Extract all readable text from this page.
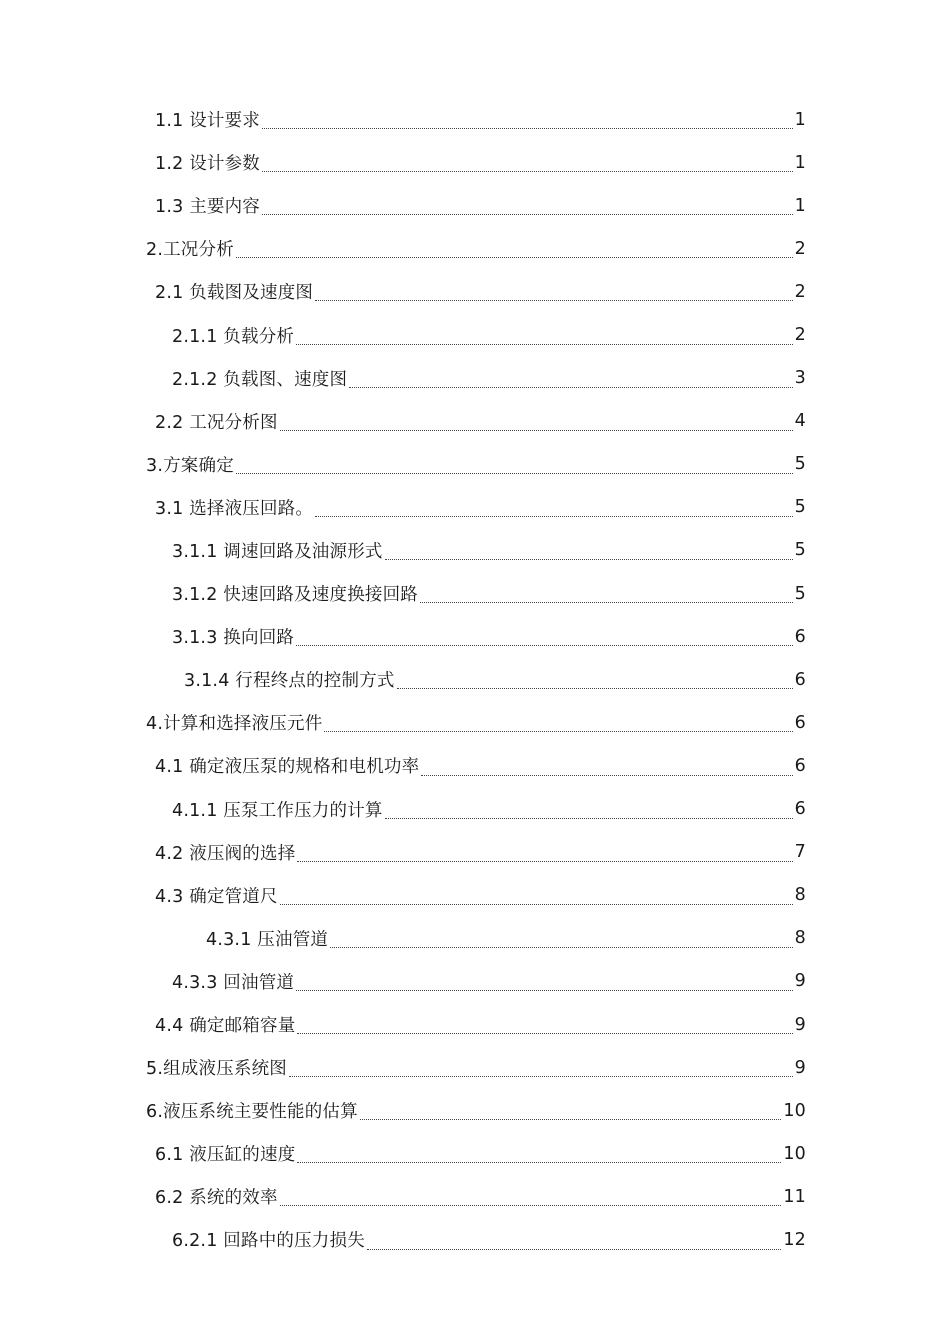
1.1 设计要求	1
1.2 设计参数	1
1.3 主要内容	1
2.工况分析	2
2.1 负载图及速度图	2
2.1.1 负载分析	2
2.1.2 负载图、速度图	3
2.2 工况分析图	4
3.方案确定	5
3.1 选择液压回路。	5
3.1.1 调速回路及油源形式	5
3.1.2 快速回路及速度换接回路	5
3.1.3 换向回路	6
3.1.4 行程终点的控制方式	6
4.计算和选择液压元件	6
4.1 确定液压泵的规格和电机功率	6
4.1.1 压泵工作压力的计算	6
4.2 液压阀的选择	7
4.3 确定管道尺	8
4.3.1 压油管道	8
4.3.3 回油管道	9
4.4 确定邮箱容量	9
5.组成液压系统图	9
6.液压系统主要性能的估算	10
6.1 液压缸的速度	10
6.2 系统的效率	11
6.2.1 回路中的压力损失	12
